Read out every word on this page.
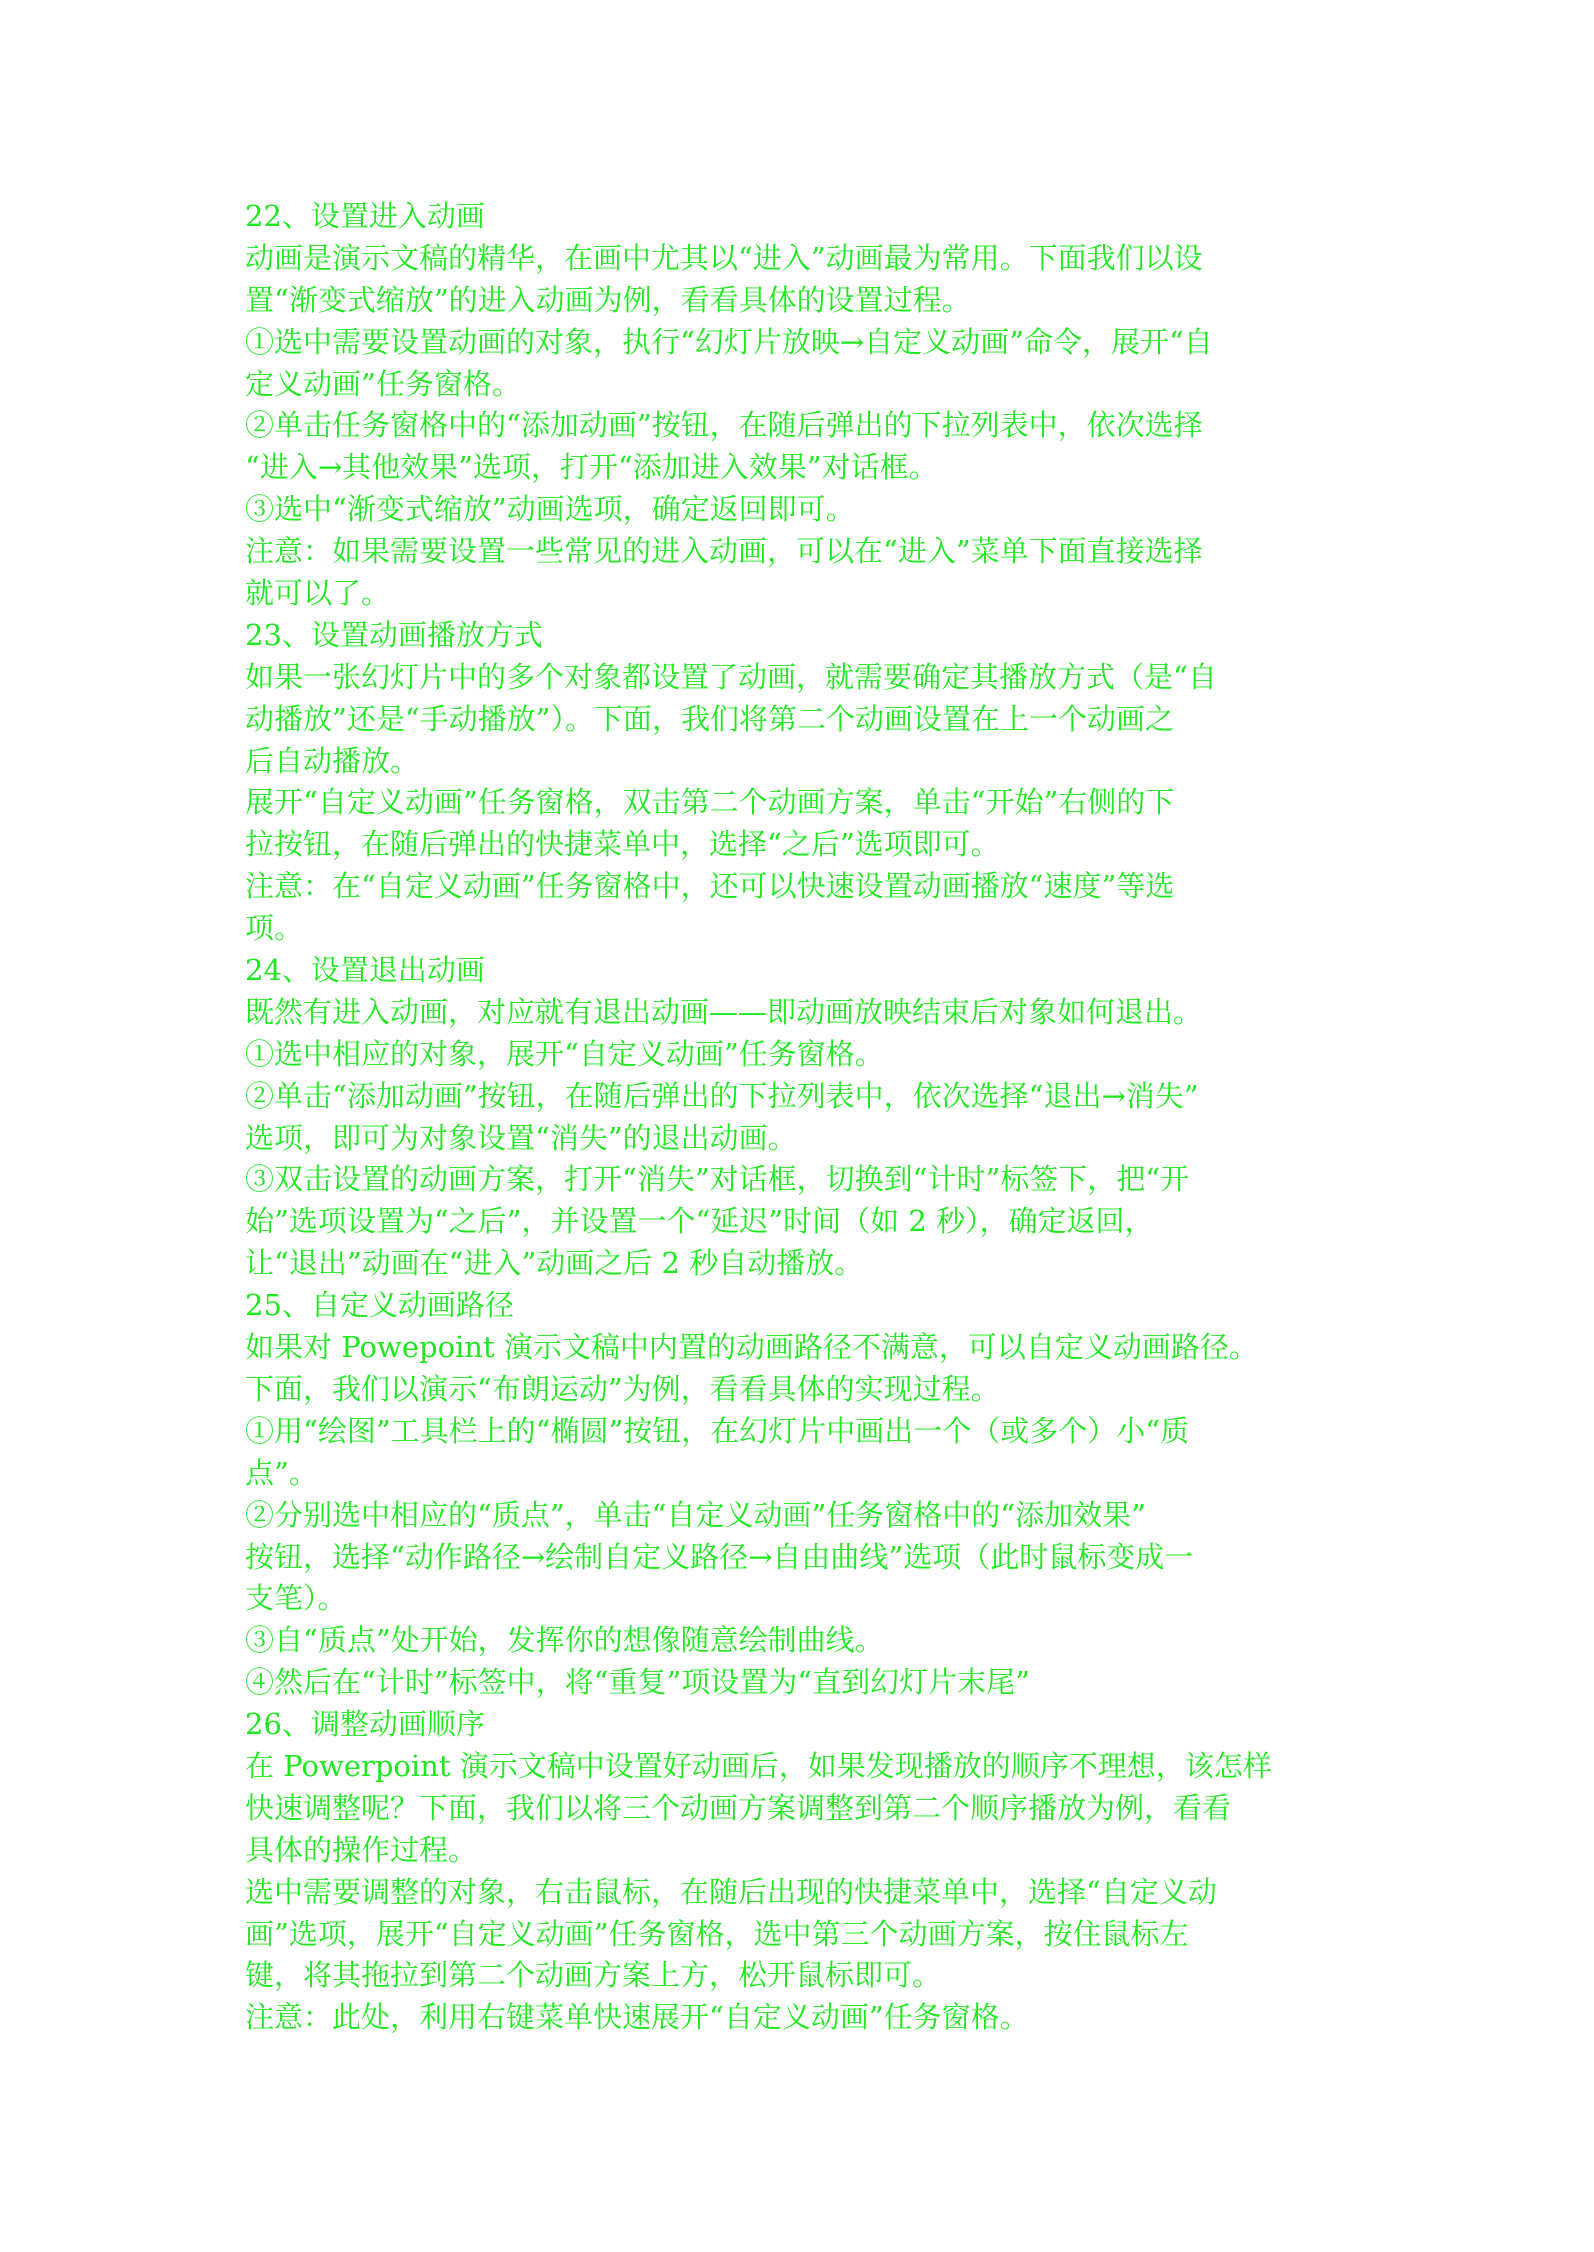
22、设置进入动画
动画是演示文稿的精华，在画中尤其以“进入”动画最为常用。下面我们以设
置“渐变式缩放”的进入动画为例，看看具体的设置过程。
①选中需要设置动画的对象，执行“幻灯片放映→自定义动画”命令，展开“自
定义动画”任务窗格。
②单击任务窗格中的“添加动画”按钮，在随后弹出的下拉列表中，依次选择
“进入→其他效果”选项，打开“添加进入效果”对话框。
③选中“渐变式缩放”动画选项，确定返回即可。
注意：如果需要设置一些常见的进入动画，可以在“进入”菜单下面直接选择
就可以了。
23、设置动画播放方式
如果一张幻灯片中的多个对象都设置了动画，就需要确定其播放方式（是“自
动播放”还是“手动播放”）。下面，我们将第二个动画设置在上一个动画之
后自动播放。
展开“自定义动画”任务窗格，双击第二个动画方案，单击“开始”右侧的下
拉按钮，在随后弹出的快捷菜单中，选择“之后”选项即可。
注意：在“自定义动画”任务窗格中，还可以快速设置动画播放“速度”等选
项。
24、设置退出动画
既然有进入动画，对应就有退出动画——即动画放映结束后对象如何退出。
①选中相应的对象，展开“自定义动画”任务窗格。
②单击“添加动画”按钮，在随后弹出的下拉列表中，依次选择“退出→消失”
选项，即可为对象设置“消失”的退出动画。
③双击设置的动画方案，打开“消失”对话框，切换到“计时”标签下，把“开
始”选项设置为“之后”，并设置一个“延迟”时间（如 2 秒），确定返回，
让“退出”动画在“进入”动画之后 2 秒自动播放。
25、自定义动画路径
如果对 Powepoint 演示文稿中内置的动画路径不满意，可以自定义动画路径。
下面，我们以演示“布朗运动”为例，看看具体的实现过程。
①用“绘图”工具栏上的“椭圆”按钮，在幻灯片中画出一个（或多个）小“质
点”。
②分别选中相应的“质点”，单击“自定义动画”任务窗格中的“添加效果”
按钮，选择“动作路径→绘制自定义路径→自由曲线”选项（此时鼠标变成一
支笔）。
③自“质点”处开始，发挥你的想像随意绘制曲线。
④然后在“计时”标签中，将“重复”项设置为“直到幻灯片末尾”
26、调整动画顺序
在 Powerpoint 演示文稿中设置好动画后，如果发现播放的顺序不理想，该怎样
快速调整呢？下面，我们以将三个动画方案调整到第二个顺序播放为例，看看
具体的操作过程。
选中需要调整的对象，右击鼠标，在随后出现的快捷菜单中，选择“自定义动
画”选项，展开“自定义动画”任务窗格，选中第三个动画方案，按住鼠标左
键，将其拖拉到第二个动画方案上方，松开鼠标即可。
注意：此处，利用右键菜单快速展开“自定义动画”任务窗格。
